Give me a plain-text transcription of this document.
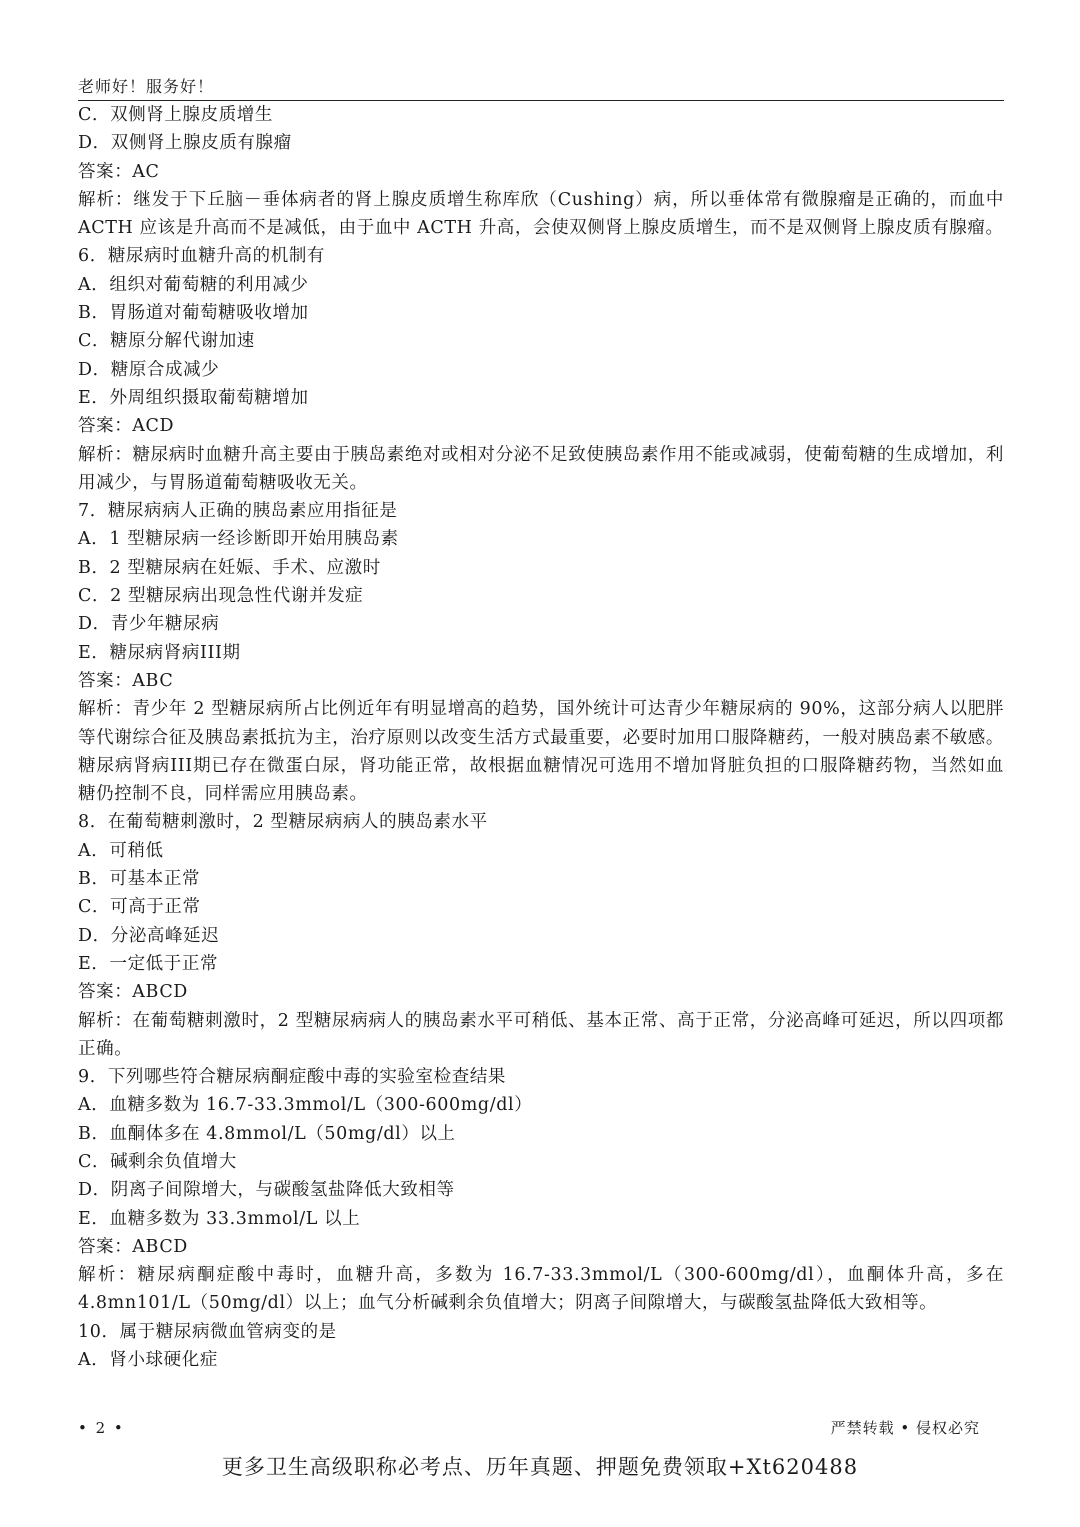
老师好！服务好！
C．双侧肾上腺皮质增生
D．双侧肾上腺皮质有腺瘤
答案：AC
解析：继发于下丘脑－垂体病者的肾上腺皮质增生称库欣（Cushing）病，所以垂体常有微腺瘤是正确的，而血中 ACTH 应该是升高而不是减低，由于血中 ACTH 升高，会使双侧肾上腺皮质增生，而不是双侧肾上腺皮质有腺瘤。
6．糖尿病时血糖升高的机制有
A．组织对葡萄糖的利用减少
B．胃肠道对葡萄糖吸收增加
C．糖原分解代谢加速
D．糖原合成减少
E．外周组织摄取葡萄糖增加
答案：ACD
解析：糖尿病时血糖升高主要由于胰岛素绝对或相对分泌不足致使胰岛素作用不能或减弱，使葡萄糖的生成增加，利用减少，与胃肠道葡萄糖吸收无关。
7．糖尿病病人正确的胰岛素应用指征是
A．1 型糖尿病一经诊断即开始用胰岛素
B．2 型糖尿病在妊娠、手术、应激时
C．2 型糖尿病出现急性代谢并发症
D．青少年糖尿病
E．糖尿病肾病III期
答案：ABC
解析：青少年 2 型糖尿病所占比例近年有明显增高的趋势，国外统计可达青少年糖尿病的 90%，这部分病人以肥胖等代谢综合征及胰岛素抵抗为主，治疗原则以改变生活方式最重要，必要时加用口服降糖药，一般对胰岛素不敏感。糖尿病肾病III期已存在微蛋白尿，肾功能正常，故根据血糖情况可选用不增加肾脏负担的口服降糖药物，当然如血糖仍控制不良，同样需应用胰岛素。
8．在葡萄糖刺激时，2 型糖尿病病人的胰岛素水平
A．可稍低
B．可基本正常
C．可高于正常
D．分泌高峰延迟
E．一定低于正常
答案：ABCD
解析：在葡萄糖刺激时，2 型糖尿病病人的胰岛素水平可稍低、基本正常、高于正常，分泌高峰可延迟，所以四项都正确。
9．下列哪些符合糖尿病酮症酸中毒的实验室检查结果
A．血糖多数为 16.7-33.3mmol/L（300-600mg/dl）
B．血酮体多在 4.8mmol/L（50mg/dl）以上
C．碱剩余负值增大
D．阴离子间隙增大，与碳酸氢盐降低大致相等
E．血糖多数为 33.3mmol/L 以上
答案：ABCD
解析：糖尿病酮症酸中毒时，血糖升高，多数为 16.7-33.3mmol/L（300-600mg/dl），血酮体升高，多在 4.8mn101/L（50mg/dl）以上；血气分析碱剩余负值增大；阴离子间隙增大，与碳酸氢盐降低大致相等。
10．属于糖尿病微血管病变的是
A．肾小球硬化症
• 2 •	严禁转载 • 侵权必究
更多卫生高级职称必考点、历年真题、押题免费领取+Xt620488
